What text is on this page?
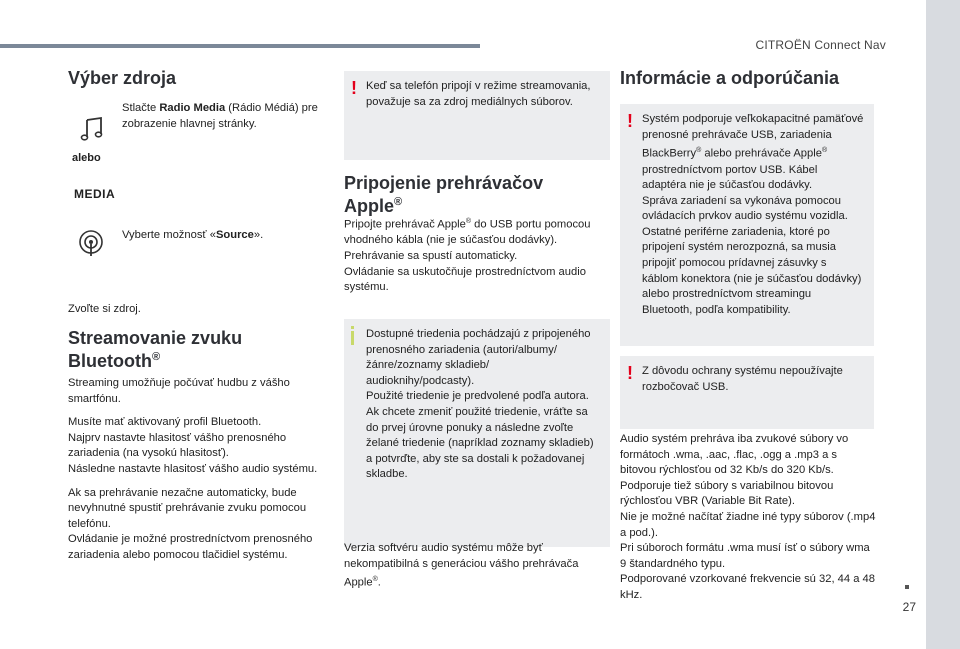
CITROËN Connect Nav
27
Výber zdroja
Stlačte Radio Media (Rádio Médiá) pre zobrazenie hlavnej stránky.
alebo
MEDIA
Vyberte možnosť «Source».
Zvoľte si zdroj.
Streamovanie zvuku
Bluetooth®

Streaming umožňuje počúvať hudbu z vášho smartfónu.

Musíte mať aktivovaný profil Bluetooth.
Najprv nastavte hlasitosť vášho prenosného zariadenia (na vysokú hlasitosť).
Následne nastavte hlasitosť vášho audio systému.

Ak sa prehrávanie nezačne automaticky, bude nevyhnutné spustiť prehrávanie zvuku pomocou telefónu.
Ovládanie je možné prostredníctvom prenosného zariadenia alebo pomocou tlačidiel systému.

! Keď sa telefón pripojí v režime streamovania, považuje sa za zdroj mediálnych súborov.

Pripojenie prehrávačov
Apple®

Pripojte prehrávač Apple® do USB portu pomocou vhodného kábla (nie je súčasťou dodávky).
Prehrávanie sa spustí automaticky.
Ovládanie sa uskutočňuje prostredníctvom audio systému.

Dostupné triedenia pochádzajú z pripojeného prenosného zariadenia (autori/albumy/žánre/zoznamy skladieb/ audioknihy/podcasty).
Použité triedenie je predvolené podľa autora. Ak chcete zmeniť použité triedenie, vráťte sa do prvej úrovne ponuky a následne zvoľte želané triedenie (napríklad zoznamy skladieb) a potvrďte, aby ste sa dostali k požadovanej skladbe.

Verzia softvéru audio systému môže byť nekompatibilná s generáciou vášho prehrávača Apple®.
Informácie a odporúčania
! Systém podporuje veľkokapacitné pamäťové prenosné prehrávače USB, zariadenia BlackBerry® alebo prehrávače Apple® prostredníctvom portov USB. Kábel adaptéra nie je súčasťou dodávky.
Správa zariadení sa vykonáva pomocou ovládacích prvkov audio systému vozidla.
Ostatné periférne zariadenia, ktoré po pripojení systém nerozpozná, sa musia pripojiť pomocou prídavnej zásuvky s káblom konektora (nie je súčasťou dodávky) alebo prostredníctvom streamingu Bluetooth, podľa kompatibility.

! Z dôvodu ochrany systému nepoužívajte rozbočovač USB.

Audio systém prehráva iba zvukové súbory vo formátoch .wma, .aac, .flac, .ogg a .mp3 a s bitovou rýchlosťou od 32 Kb/s do 320 Kb/s.
Podporuje tiež súbory s variabilnou bitovou rýchlosťou VBR (Variable Bit Rate).
Nie je možné načítať žiadne iné typy súborov (.mp4 a pod.).
Pri súboroch formátu .wma musí ísť o súbory wma 9 štandardného typu.
Podporované vzorkované frekvencie sú 32, 44 a 48 kHz.
